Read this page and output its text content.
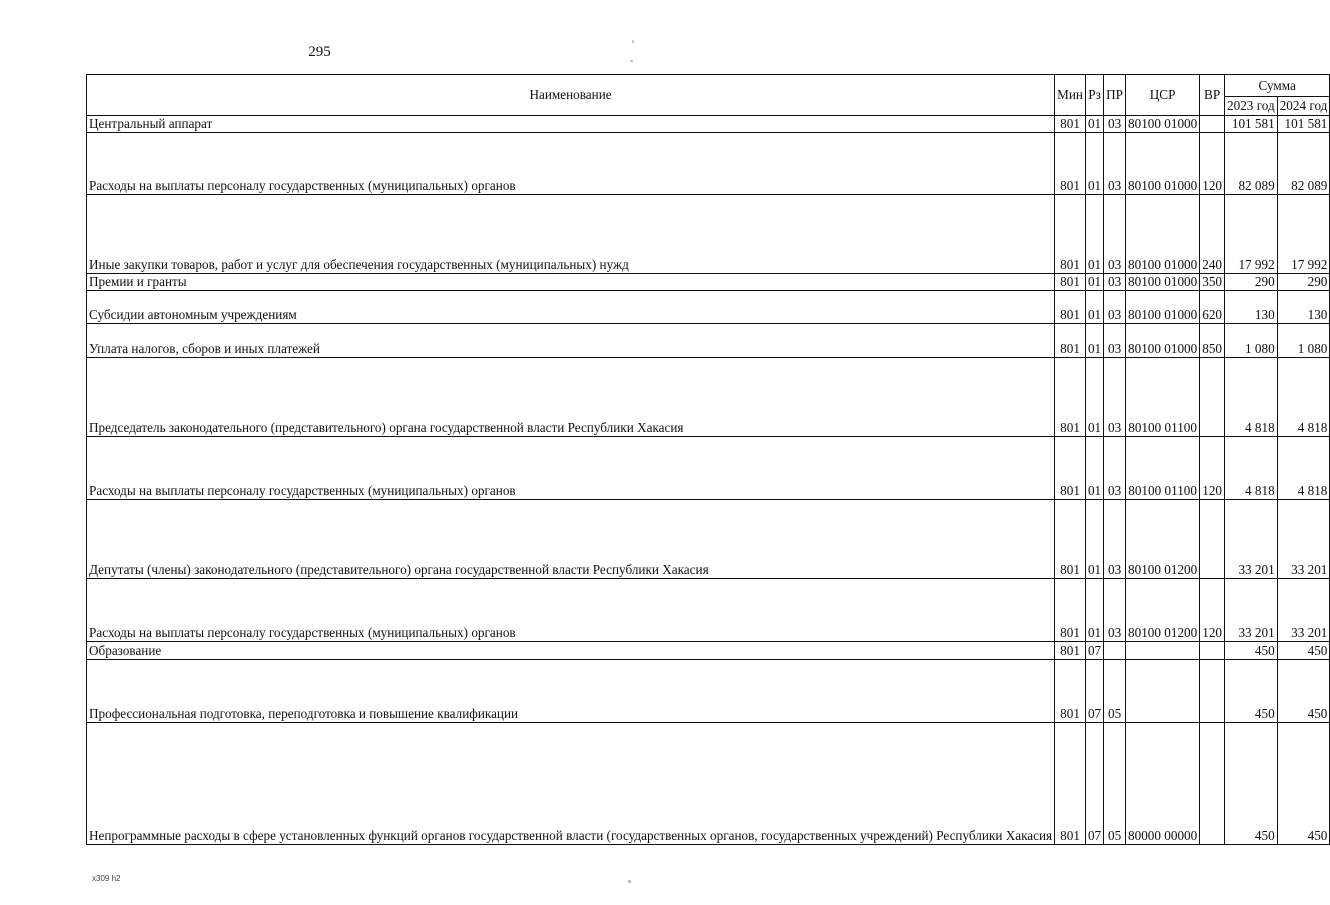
295
Наименование	Мин	Рз	ПР	ЦСР	ВР	Сумма	
						2023 год	2024 год
Центральный аппарат	801	01	03	80100 01000		101 581	101 581
Расходы на выплаты персоналу государственных (муниципальных) органов	801	01	03	80100 01000	120	82 089	82 089
Иные закупки товаров, работ и услуг для обеспечения государственных (муниципальных) нужд	801	01	03	80100 01000	240	17 992	17 992
Премии и гранты	801	01	03	80100 01000	350	290	290
Субсидии автономным учреждениям	801	01	03	80100 01000	620	130	130
Уплата налогов, сборов и иных платежей	801	01	03	80100 01000	850	1 080	1 080
Председатель законодательного (представительного) органа государственной власти Республики Хакасия	801	01	03	80100 01100		4 818	4 818
Расходы на выплаты персоналу государственных (муниципальных) органов	801	01	03	80100 01100	120	4 818	4 818
Депутаты (члены) законодательного (представительного) органа государственной власти Республики Хакасия	801	01	03	80100 01200		33 201	33 201
Расходы на выплаты персоналу государственных (муниципальных) органов	801	01	03	80100 01200	120	33 201	33 201
Образование	801	07				450	450
Профессиональная подготовка, переподготовка и повышение квалификации	801	07	05			450	450
Непрограммные расходы в сфере установленных функций органов государственной власти (государственных органов, государственных учреждений) Республики Хакасия	801	07	05	80000 00000		450	450
х309 h2
